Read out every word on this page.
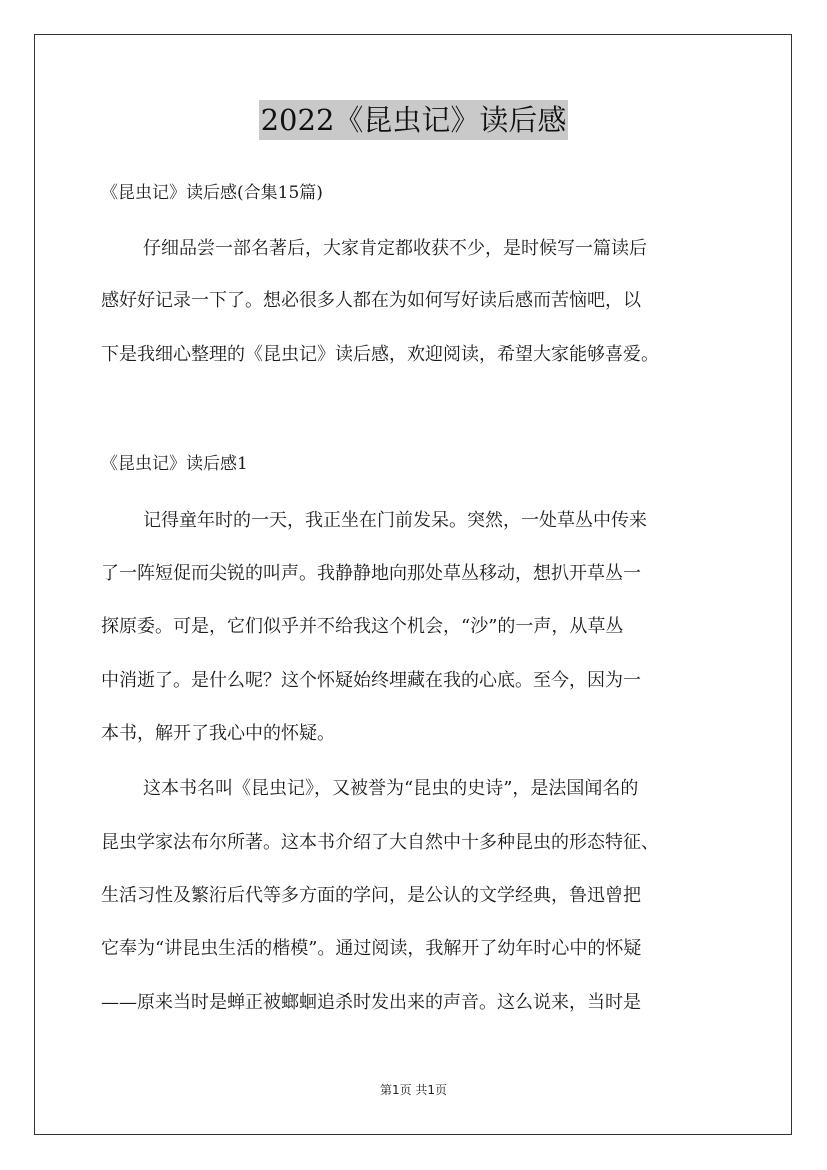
2022《昆虫记》读后感
《昆虫记》读后感(合集15篇)
仔细品尝一部名著后，大家肯定都收获不少，是时候写一篇读后
感好好记录一下了。想必很多人都在为如何写好读后感而苦恼吧，以
下是我细心整理的《昆虫记》读后感，欢迎阅读，希望大家能够喜爱。
《昆虫记》读后感1
记得童年时的一天，我正坐在门前发呆。突然，一处草丛中传来
了一阵短促而尖锐的叫声。我静静地向那处草丛移动，想扒开草丛一
探原委。可是，它们似乎并不给我这个机会，“沙”的一声，从草丛
中消逝了。是什么呢？这个怀疑始终埋藏在我的心底。至今，因为一
本书，解开了我心中的怀疑。
这本书名叫《昆虫记》，又被誉为“昆虫的史诗”，是法国闻名的
昆虫学家法布尔所著。这本书介绍了大自然中十多种昆虫的形态特征、
生活习性及繁洐后代等多方面的学问，是公认的文学经典，鲁迅曾把
它奉为“讲昆虫生活的楷模”。通过阅读，我解开了幼年时心中的怀疑
——原来当时是蝉正被螂蛔追杀时发出来的声音。这么说来，当时是
第1页 共1页
